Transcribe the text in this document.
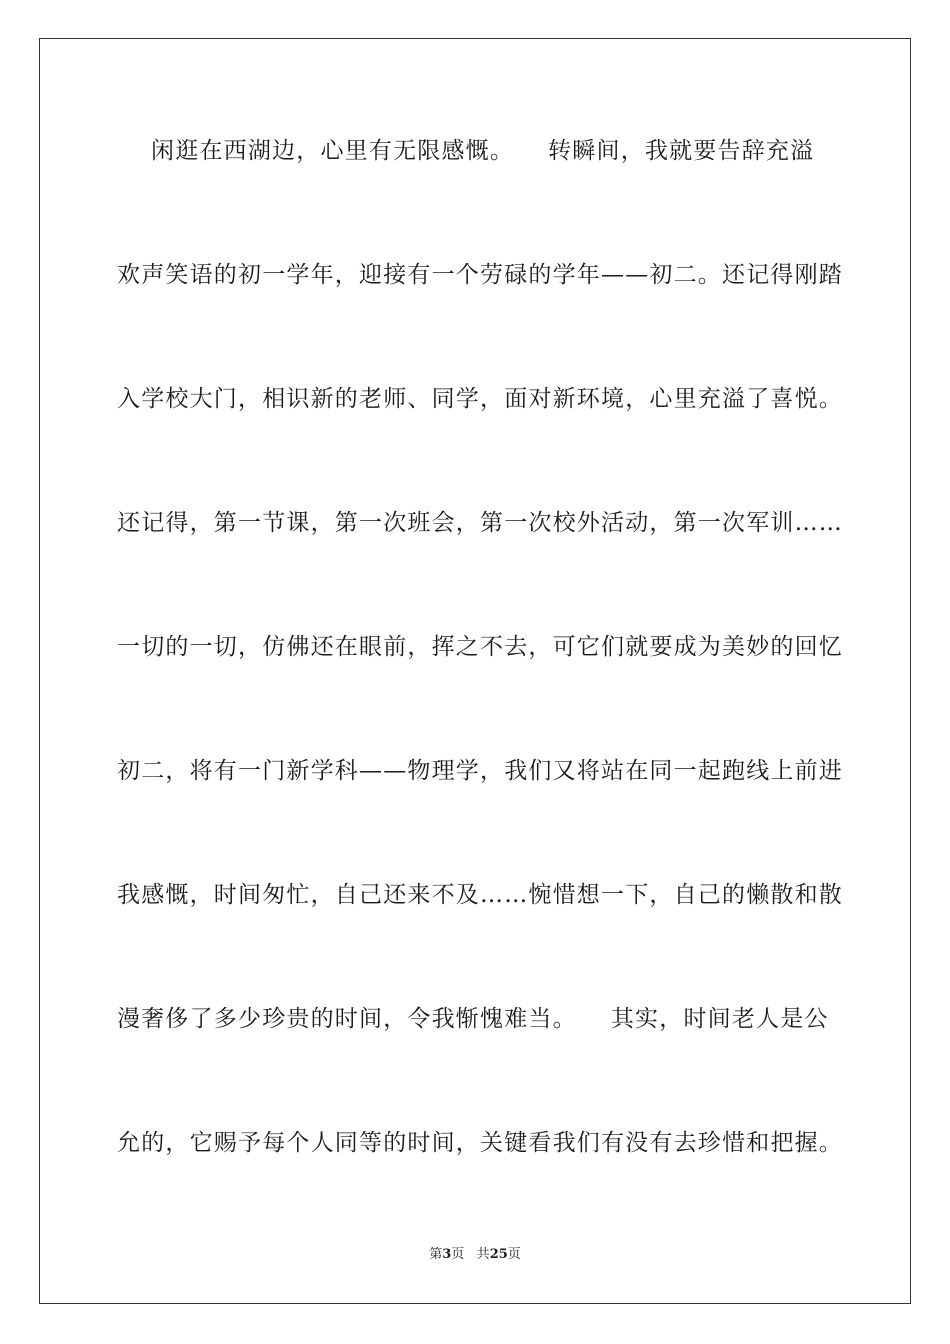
闲逛在西湖边，心里有无限感慨。    转瞬间，我就要告辞充溢

欢声笑语的初一学年，迎接有一个劳碌的学年——初二。还记得刚踏

入学校大门，相识新的老师、同学，面对新环境，心里充溢了喜悦。

还记得，第一节课，第一次班会，第一次校外活动，第一次军训……

一切的一切，仿佛还在眼前，挥之不去，可它们就要成为美妙的回忆

初二，将有一门新学科——物理学，我们又将站在同一起跑线上前进

我感慨，时间匆忙，自己还来不及……惋惜想一下，自己的懒散和散

漫奢侈了多少珍贵的时间，令我惭愧难当。    其实，时间老人是公

允的，它赐予每个人同等的时间，关键看我们有没有去珍惜和把握。

第3页 共25页
